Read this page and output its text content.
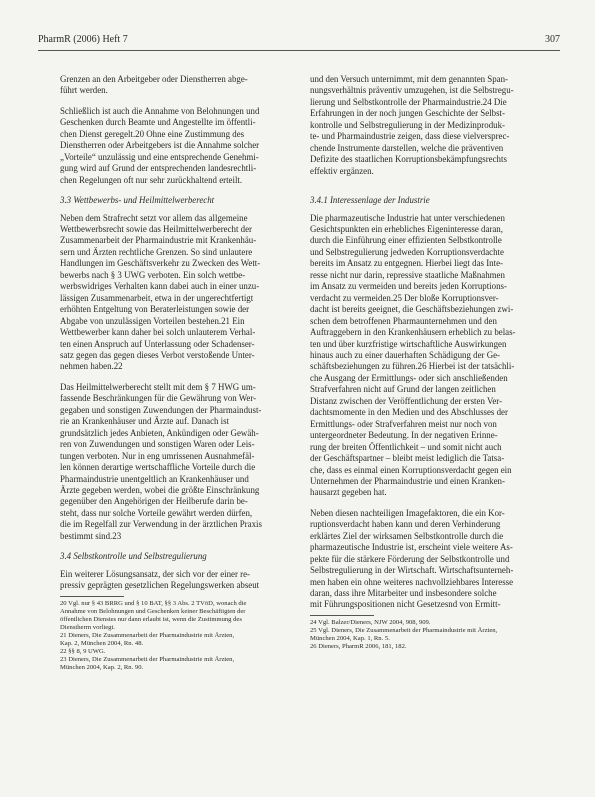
PharmR (2006) Heft 7	307

Grenzen an den Arbeitgeber oder Dienstherren abge-
führt werden.

Schließlich ist auch die Annahme von Belohnungen und
Geschenken durch Beamte und Angestellte im öffentli-
chen Dienst geregelt.20 Ohne eine Zustimmung des
Dienstherren oder Arbeitgebers ist die Annahme solcher
„Vorteile“ unzulässig und eine entsprechende Genehmi-
gung wird auf Grund der entsprechenden landesrechtli-
chen Regelungen oft nur sehr zurückhaltend erteilt.

3.3 Wettbewerbs- und Heilmittelwerberecht

Neben dem Strafrecht setzt vor allem das allgemeine
Wettbewerbsrecht sowie das Heilmittelwerberecht der
Zusammenarbeit der Pharmaindustrie mit Krankenhäu-
sern und Ärzten rechtliche Grenzen. So sind unlautere
Handlungen im Geschäftsverkehr zu Zwecken des Wett-
bewerbs nach § 3 UWG verboten. Ein solch wettbe-
werbswidriges Verhalten kann dabei auch in einer unzu-
lässigen Zusammenarbeit, etwa in der ungerechtfertigt
erhöhten Entgeltung von Beraterleistungen sowie der
Abgabe von unzulässigen Vorteilen bestehen.21 Ein
Wettbewerber kann daher bei solch unlauterem Verhal-
ten einen Anspruch auf Unterlassung oder Schadenser-
satz gegen das gegen dieses Verbot verstoßende Unter-
nehmen haben.22

Das Heilmittelwerberecht stellt mit dem § 7 HWG um-
fassende Beschränkungen für die Gewährung von Wer-
gegaben und sonstigen Zuwendungen der Pharmaindust-
rie an Krankenhäuser und Ärzte auf. Danach ist
grundsätzlich jedes Anbieten, Ankündigen oder Gewäh-
ren von Zuwendungen und sonstigen Waren oder Leis-
tungen verboten. Nur in eng umrissenen Ausnahmefäl-
len können derartige wertschaffliche Vorteile durch die
Pharmaindustrie unentgeltlich an Krankenhäuser und
Ärzte gegeben werden, wobei die größte Einschränkung
gegenüber den Angehörigen der Heilberufe darin be-
steht, dass nur solche Vorteile gewährt werden dürfen,
die im Regelfall zur Verwendung in der ärztlichen Praxis
bestimmt sind.23

3.4 Selbstkontrolle und Selbstregulierung

Ein weiterer Lösungsansatz, der sich vor der einer re-
pressiv geprägten gesetzlichen Regelungswerken abseut

20 Vgl. nur § 43 BRRG und § 10 BAT, §§ 3 Abs. 2 TVöD, wonach die
Annahme von Belohnungen und Geschenken keiner Beschäftigten der
öffentlichen Dienstes nur dann erlaubt ist, wenn die Zustimmung des
Dienstherrn vorliegt.

21 Dieners, Die Zusammenarbeit der Pharmaindustrie mit Ärzten,
Kap. 2, München 2004, Rn. 48.

22 §§ 8, 9 UWG.

23 Dieners, Die Zusammenarbeit der Pharmaindustrie mit Ärzten,
München 2004, Kap. 2, Rn. 90.

und den Versuch unternimmt, mit dem genannten Span-
nungsverhältnis präventiv umzugehen, ist die Selbstregu-
lierung und Selbstkontrolle der Pharmaindustrie.24 Die
Erfahrungen in der noch jungen Geschichte der Selbst-
kontrolle und Selbstregulierung in der Medizinproduk-
te- und Pharmaindustrie zeigen, dass diese vielversprec-
chende Instrumente darstellen, welche die präventiven
Defizite des staatlichen Korruptionsbekämpfungsrechts
effektiv ergänzen.

3.4.1 Interessenlage der Industrie

Die pharmazeutische Industrie hat unter verschiedenen
Gesichtspunkten ein erhebliches Eigeninteresse daran,
durch die Einführung einer effizienten Selbstkontrolle
und Selbstregulierung jedweden Korruptionsverdachte
bereits im Ansatz zu entgegnen. Hierbei liegt das Inte-
resse nicht nur darin, repressive staatliche Maßnahmen
im Ansatz zu vermeiden und bereits jeden Korruptions-
verdacht zu vermeiden.25 Der bloße Korruptionsver-
dacht ist bereits geeignet, die Geschäftsbeziehungen zwi-
schen dem betroffenen Pharmaunternehmen und den
Auftraggebern in den Krankenhäusern erheblich zu belas-
ten und über kurzfristige wirtschaftliche Auswirkungen
hinaus auch zu einer dauerhaften Schädigung der Ge-
schäftsbeziehungen zu führen.26 Hierbei ist der tatsächli-
che Ausgang der Ermittlungs- oder sich anschließenden
Strafverfahren nicht auf Grund der langen zeitlichen
Distanz zwischen der Veröffentlichung der ersten Ver-
dachtsmomente in den Medien und des Abschlusses der
Ermittlungs- oder Strafverfahren meist nur noch von
untergeordneter Bedeutung. In der negativen Erinne-
rung der breiten Öffentlichkeit – und somit nicht auch
der Geschäftspartner – bleibt meist lediglich die Tatsa-
che, dass es einmal einen Korruptionsverdacht gegen ein
Unternehmen der Pharmaindustrie und einen Kranken-
hausarzt gegeben hat.

Neben diesen nachteiligen Imagefaktoren, die ein Kor-
ruptionsverdacht haben kann und deren Verhinderung
erklärtes Ziel der wirksamen Selbstkontrolle durch die
pharmazeutische Industrie ist, erscheint viele weitere As-
pekte für die stärkere Förderung der Selbstkontrolle und
Selbstregulierung in der Wirtschaft. Wirtschaftsunterneh-
men haben ein ohne weiteres nachvollziehbares Interesse
daran, dass ihre Mitarbeiter und insbesondere solche
mit Führungspositionen nicht Gesetzesnd von Ermitt-

24 Vgl. Balzer/Dieners, NJW 2004, 908, 909.

25 Vgl. Dieners, Die Zusammenarbeit der Pharmaindustrie mit Ärzten,
München 2004, Kap. 1, Rn. 5.

26 Dieners, PharmR 2006, 181, 182.
